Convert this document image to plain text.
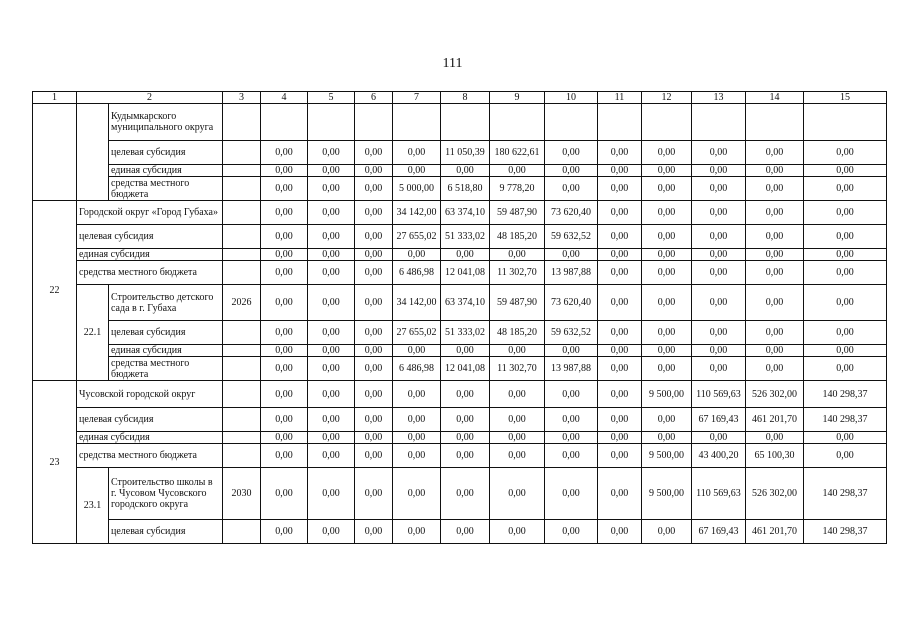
111
1	2		3	4	5	6	7	8	9	10	11	12	13	14	15
		Кудымкарского муниципального округа													
		целевая субсидия		0,00	0,00	0,00	0,00	11 050,39	180 622,61	0,00	0,00	0,00	0,00	0,00	0,00
		единая субсидия		0,00	0,00	0,00	0,00	0,00	0,00	0,00	0,00	0,00	0,00	0,00	0,00
		средства местного бюджета		0,00	0,00	0,00	5 000,00	6 518,80	9 778,20	0,00	0,00	0,00	0,00	0,00	0,00
22	Городской округ «Город Губаха»			0,00	0,00	0,00	34 142,00	63 374,10	59 487,90	73 620,40	0,00	0,00	0,00	0,00	0,00
	целевая субсидия			0,00	0,00	0,00	27 655,02	51 333,02	48 185,20	59 632,52	0,00	0,00	0,00	0,00	0,00
	единая субсидия			0,00	0,00	0,00	0,00	0,00	0,00	0,00	0,00	0,00	0,00	0,00	0,00
	средства местного бюджета			0,00	0,00	0,00	6 486,98	12 041,08	11 302,70	13 987,88	0,00	0,00	0,00	0,00	0,00
	22.1	Строительство детского сада в г. Губаха	2026	0,00	0,00	0,00	34 142,00	63 374,10	59 487,90	73 620,40	0,00	0,00	0,00	0,00	0,00
		целевая субсидия		0,00	0,00	0,00	27 655,02	51 333,02	48 185,20	59 632,52	0,00	0,00	0,00	0,00	0,00
		единая субсидия		0,00	0,00	0,00	0,00	0,00	0,00	0,00	0,00	0,00	0,00	0,00	0,00
		средства местного бюджета		0,00	0,00	0,00	6 486,98	12 041,08	11 302,70	13 987,88	0,00	0,00	0,00	0,00	0,00
23	Чусовской городской округ			0,00	0,00	0,00	0,00	0,00	0,00	0,00	0,00	9 500,00	110 569,63	526 302,00	140 298,37
	целевая субсидия			0,00	0,00	0,00	0,00	0,00	0,00	0,00	0,00	0,00	67 169,43	461 201,70	140 298,37
	единая субсидия			0,00	0,00	0,00	0,00	0,00	0,00	0,00	0,00	0,00	0,00	0,00	0,00
	средства местного бюджета			0,00	0,00	0,00	0,00	0,00	0,00	0,00	0,00	9 500,00	43 400,20	65 100,30	0,00
	23.1	Строительство школы в г. Чусовом Чусовского городского округа	2030	0,00	0,00	0,00	0,00	0,00	0,00	0,00	0,00	9 500,00	110 569,63	526 302,00	140 298,37
		целевая субсидия		0,00	0,00	0,00	0,00	0,00	0,00	0,00	0,00	0,00	67 169,43	461 201,70	140 298,37
